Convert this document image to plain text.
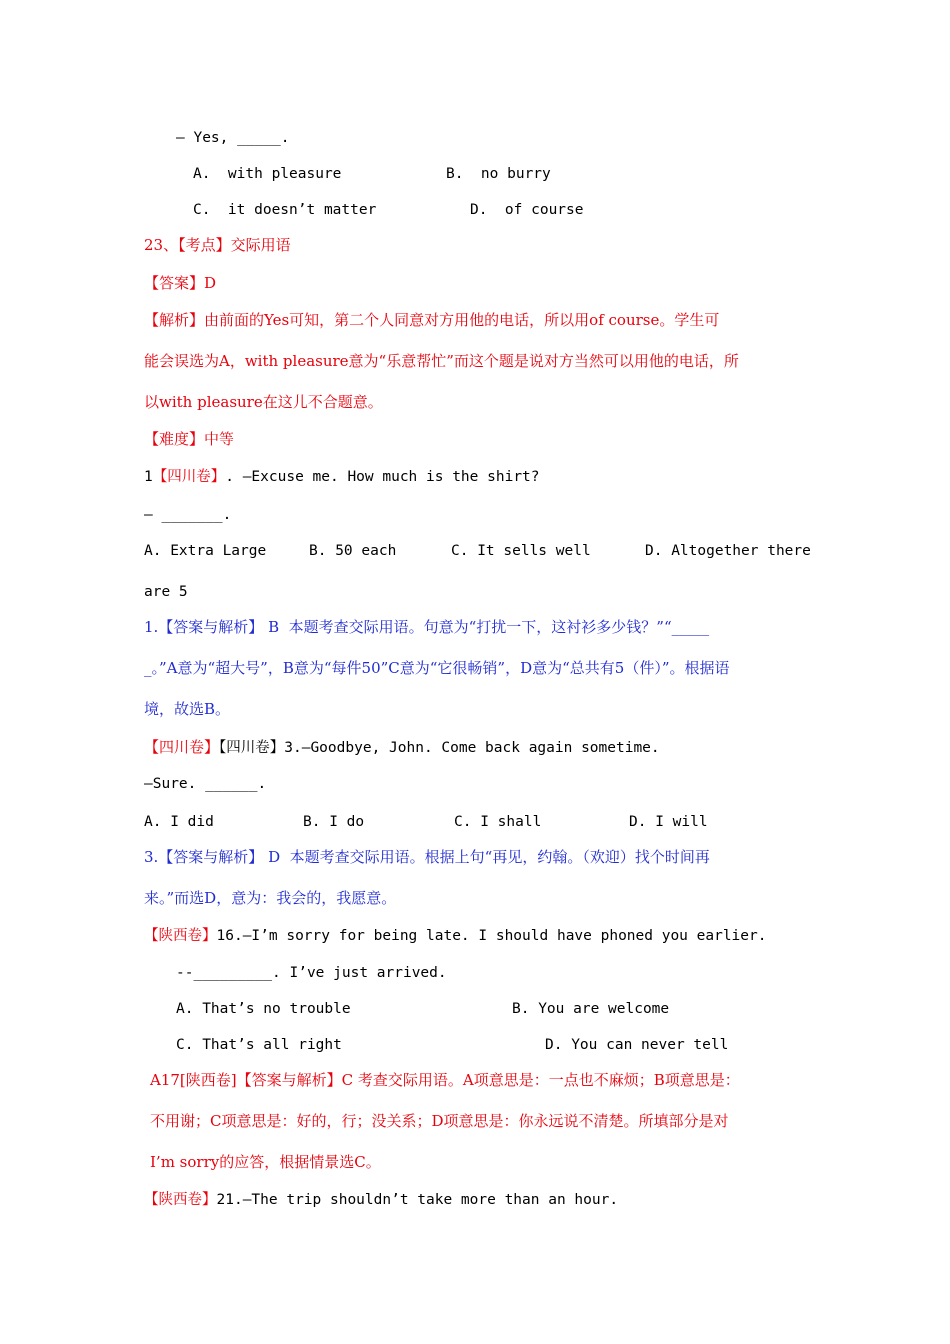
— Yes, _____.
A.  with pleasure	B.  no burry
C.  it doesn’t matter	D.  of course
23、【考点】交际用语
【答案】D
【解析】由前面的Yes可知，第二个人同意对方用他的电话，所以用of course。学生可
能会误选为A，with pleasure意为“乐意帮忙”而这个题是说对方当然可以用他的电话，所
以with pleasure在这儿不合题意。
【难度】中等
1【四川卷】. —Excuse me. How much is the shirt?
— _______.
A. Extra Large	B. 50 each	C. It sells well	D. Altogether there
are 5
1.【答案与解析】 B  本题考查交际用语。句意为“打扰一下，这衬衫多少钱？”“_____
_。”A意为“超大号”，B意为“每件50”C意为“它很畅销”，D意为“总共有5（件）”。根据语
境，故选B。
【四川卷】【四川卷】3.—Goodbye, John. Come back again sometime.
—Sure. ______.
A. I did	B. I do	C. I shall	D. I will
3.【答案与解析】 D  本题考查交际用语。根据上句“再见，约翰。（欢迎）找个时间再
来。”而选D，意为：我会的，我愿意。
【陕西卷】16.—I’m sorry for being late. I should have phoned you earlier.
--_________. I’ve just arrived.
A. That’s no trouble	B. You are welcome
C. That’s all right	D. You can never tell
A17[陕西卷]【答案与解析】C 考查交际用语。A项意思是：一点也不麻烦；B项意思是：
不用谢；C项意思是：好的，行；没关系；D项意思是：你永远说不清楚。所填部分是对
I’m sorry的应答，根据情景选C。
【陕西卷】21.—The trip shouldn’t take more than an hour.
